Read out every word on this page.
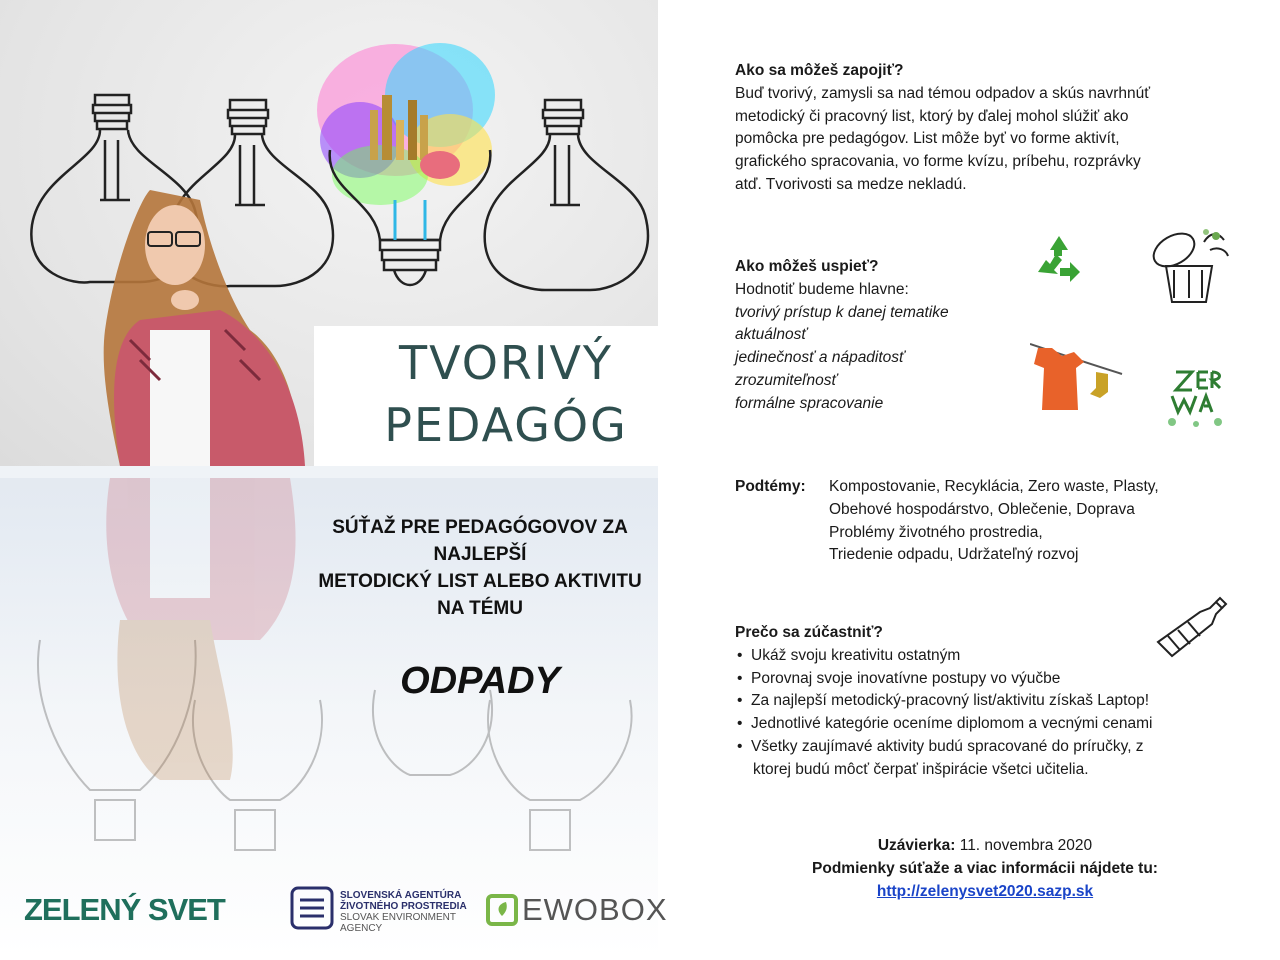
TVORIVÝ
PEDAGÓG
SÚŤAŽ PRE PEDAGÓGOVOV ZA
NAJLEPŠÍ
METODICKÝ LIST ALEBO AKTIVITU
NA TÉMU
ODPADY
ZELENÝ SVET	SLOVENSKÁ AGENTÚRA
ŽIVOTNÉHO PROSTREDIA
SLOVAK ENVIRONMENT
AGENCY
EWOBOX
Ako sa môžeš zapojiť?
Buď tvorivý, zamysli sa nad témou odpadov a skús navrhnúť
metodický či pracovný list, ktorý by ďalej mohol slúžiť ako
pomôcka pre pedagógov. List môže byť vo forme aktivít,
grafického spracovania, vo forme kvízu, príbehu, rozprávky
atď. Tvorivosti sa medze nekladú.
Ako môžeš uspieť?
Hodnotiť budeme hlavne:
tvorivý prístup k danej tematike
aktuálnosť
jedinečnosť a nápaditosť
zrozumiteľnosť
formálne spracovanie
Podtémy:	Kompostovanie, Recyklácia, Zero waste, Plasty,
Obehové hospodárstvo, Oblečenie, Doprava
Problémy životného prostredia,
Triedenie odpadu, Udržateľný rozvoj
Prečo sa zúčastniť?
• Ukáž svoju kreativitu ostatným
• Porovnaj svoje inovatívne postupy vo výučbe
• Za najlepší metodický-pracovný list/aktivitu získaš Laptop!
• Jednotlivé kategórie oceníme diplomom a vecnými cenami
• Všetky zaujímavé aktivity budú spracované do príručky, z
ktorej budú môcť čerpať inšpirácie všetci učitelia.
Uzávierka: 11. novembra 2020
Podmienky súťaže a viac informácii nájdete tu:
http://zelenysvet2020.sazp.sk
